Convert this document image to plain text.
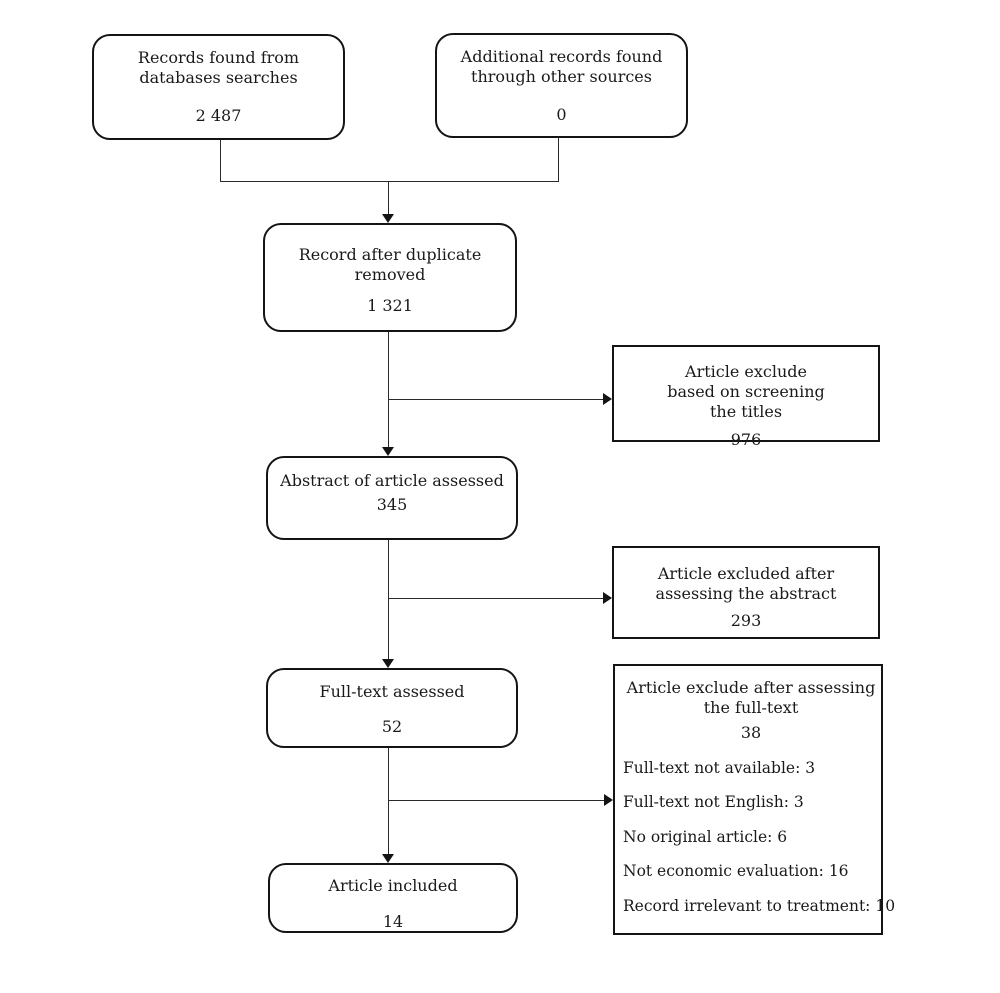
Records found from databases searches
2 487
Additional records found through other sources
0
Record after duplicate removed
1 321
Article exclude based on screening the titles
976
Abstract of article assessed
345
Article excluded after assessing the abstract
293
Full-text assessed
52
Article exclude after assessing the full-text
38
Full-text not available: 3
Full-text not English: 3
No original article: 6
Not economic evaluation: 16
Record irrelevant to treatment: 10
Article included
14
